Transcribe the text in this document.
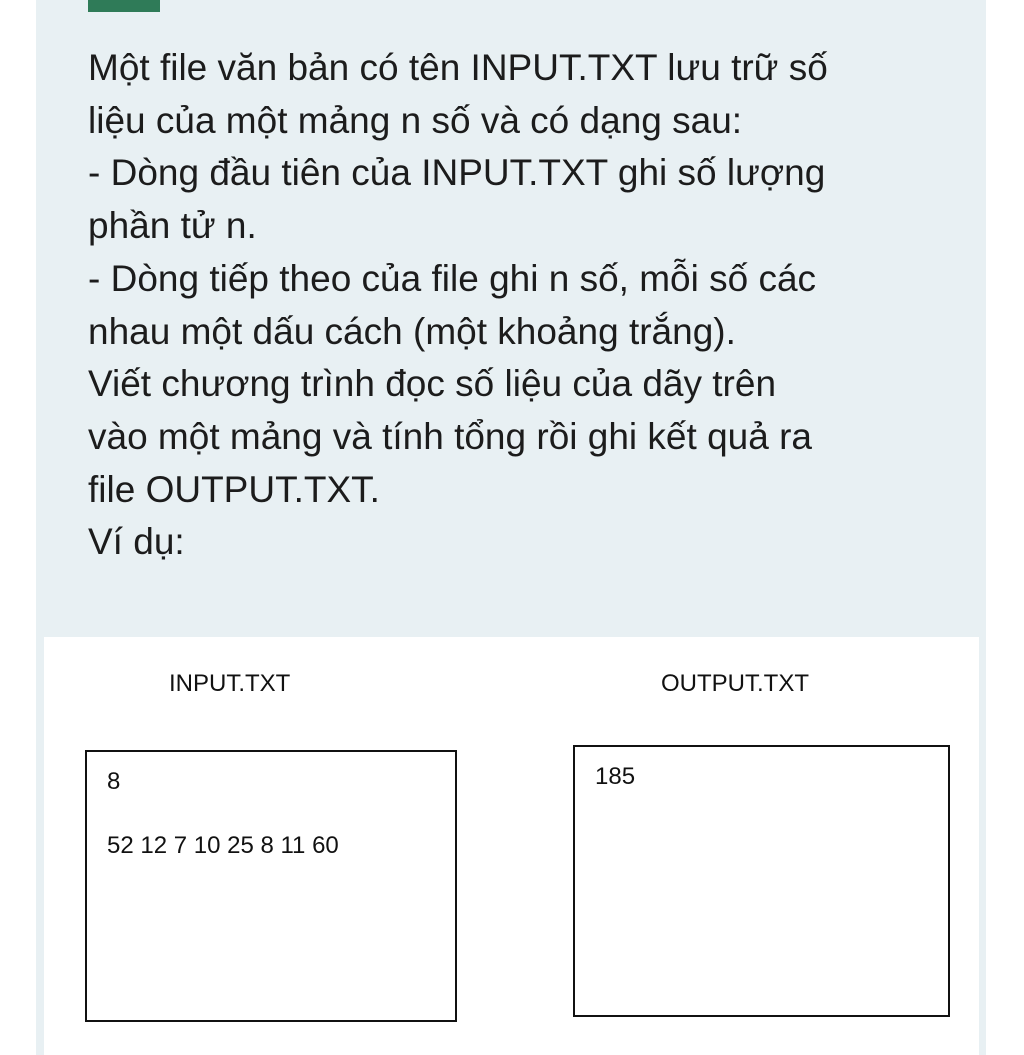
Một file văn bản có tên INPUT.TXT lưu trữ số

liệu của một mảng n số và có dạng sau:

- Dòng đầu tiên của INPUT.TXT ghi số lượng

phần tử n.

- Dòng tiếp theo của file ghi n số, mỗi số các

nhau một dấu cách (một khoảng trắng).

Viết chương trình đọc số liệu của dãy trên

vào một mảng và tính tổng rồi ghi kết quả ra

file OUTPUT.TXT.

Ví dụ:

INPUT.TXT	OUTPUT.TXT
8
52 12 7 10 25 8 11 60
185
